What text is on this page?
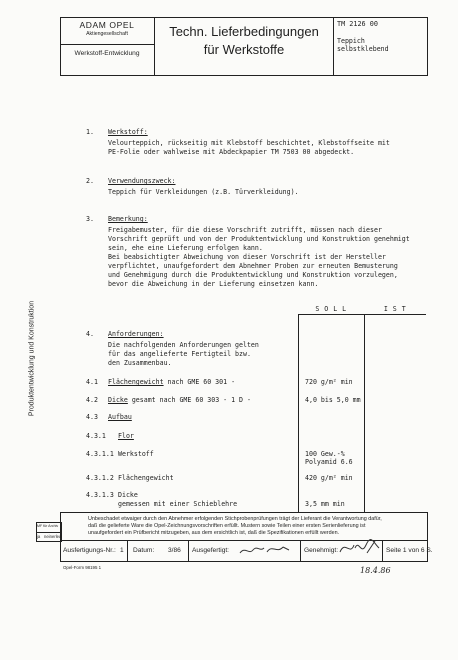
ADAM OPEL
Aktiengesellschaft
Werkstoff-Entwicklung
Techn. Lieferbedingungen
für Werkstoffe
TM 2126 00
Teppich
selbstklebend
Produktentwicklung und Konstruktion
1. Werkstoff:
Velourteppich, rückseitig mit Klebstoff beschichtet, Klebstoffseite mit
PE-Folie oder wahlweise mit Abdeckpapier TM 7503 00 abgedeckt.
2. Verwendungszweck:
Teppich für Verkleidungen (z.B. Türverkleidung).
3. Bemerkung:
Freigabemuster, für die diese Vorschrift zutrifft, müssen nach dieser
Vorschrift geprüft und von der Produktentwicklung und Konstruktion genehmigt
sein, ehe eine Lieferung erfolgen kann.
Bei beabsichtigter Abweichung von dieser Vorschrift ist der Hersteller
verpflichtet, unaufgefordert dem Abnehmer Proben zur erneuten Bemusterung
und Genehmigung durch die Produktentwicklung und Konstruktion vorzulegen,
bevor die Abweichung in der Lieferung einsetzen kann.
S O L L	I S T
4. Anforderungen:
Die nachfolgenden Anforderungen gelten
für das angelieferte Fertigteil bzw.
den Zusammenbau.
4.1 Flächengewicht nach GME 60 301 -	720 g/m² min
4.2 Dicke gesamt nach GME 60 303 - 1 D -	4,0 bis 5,0 mm
4.3 Aufbau
4.3.1 Flor
4.3.1.1 Werkstoff	100 Gew.-%
Polyamid 6.6
4.3.1.2 Flächengewicht	420 g/m² min
4.3.1.3 Dicke
gemessen mit einer Schieblehre	3,5 mm min
Unbeschadet etwaiger durch den Abnehmer erfolgenden Stichprobenprüfungen trägt der Lieferant die Verantwortung dafür,
daß die gelieferte Ware die Opel-Zeichnungsvorschriften erfüllt. Mustern sowie Teilen einer ersten Serienlieferung ist
unaufgefordert ein Prüfbericht mitzugeben, aus dem ersichtlich ist, daß die Spezifikationen erfüllt werden.
MF für Archiv
ja nein erled
Ausfertigungs-Nr.: 1 Datum: 3/86 Ausgefertigt:	Genehmigt:	Seite 1 von 6 S.
Opel-Form 98195 1	18.4.86
